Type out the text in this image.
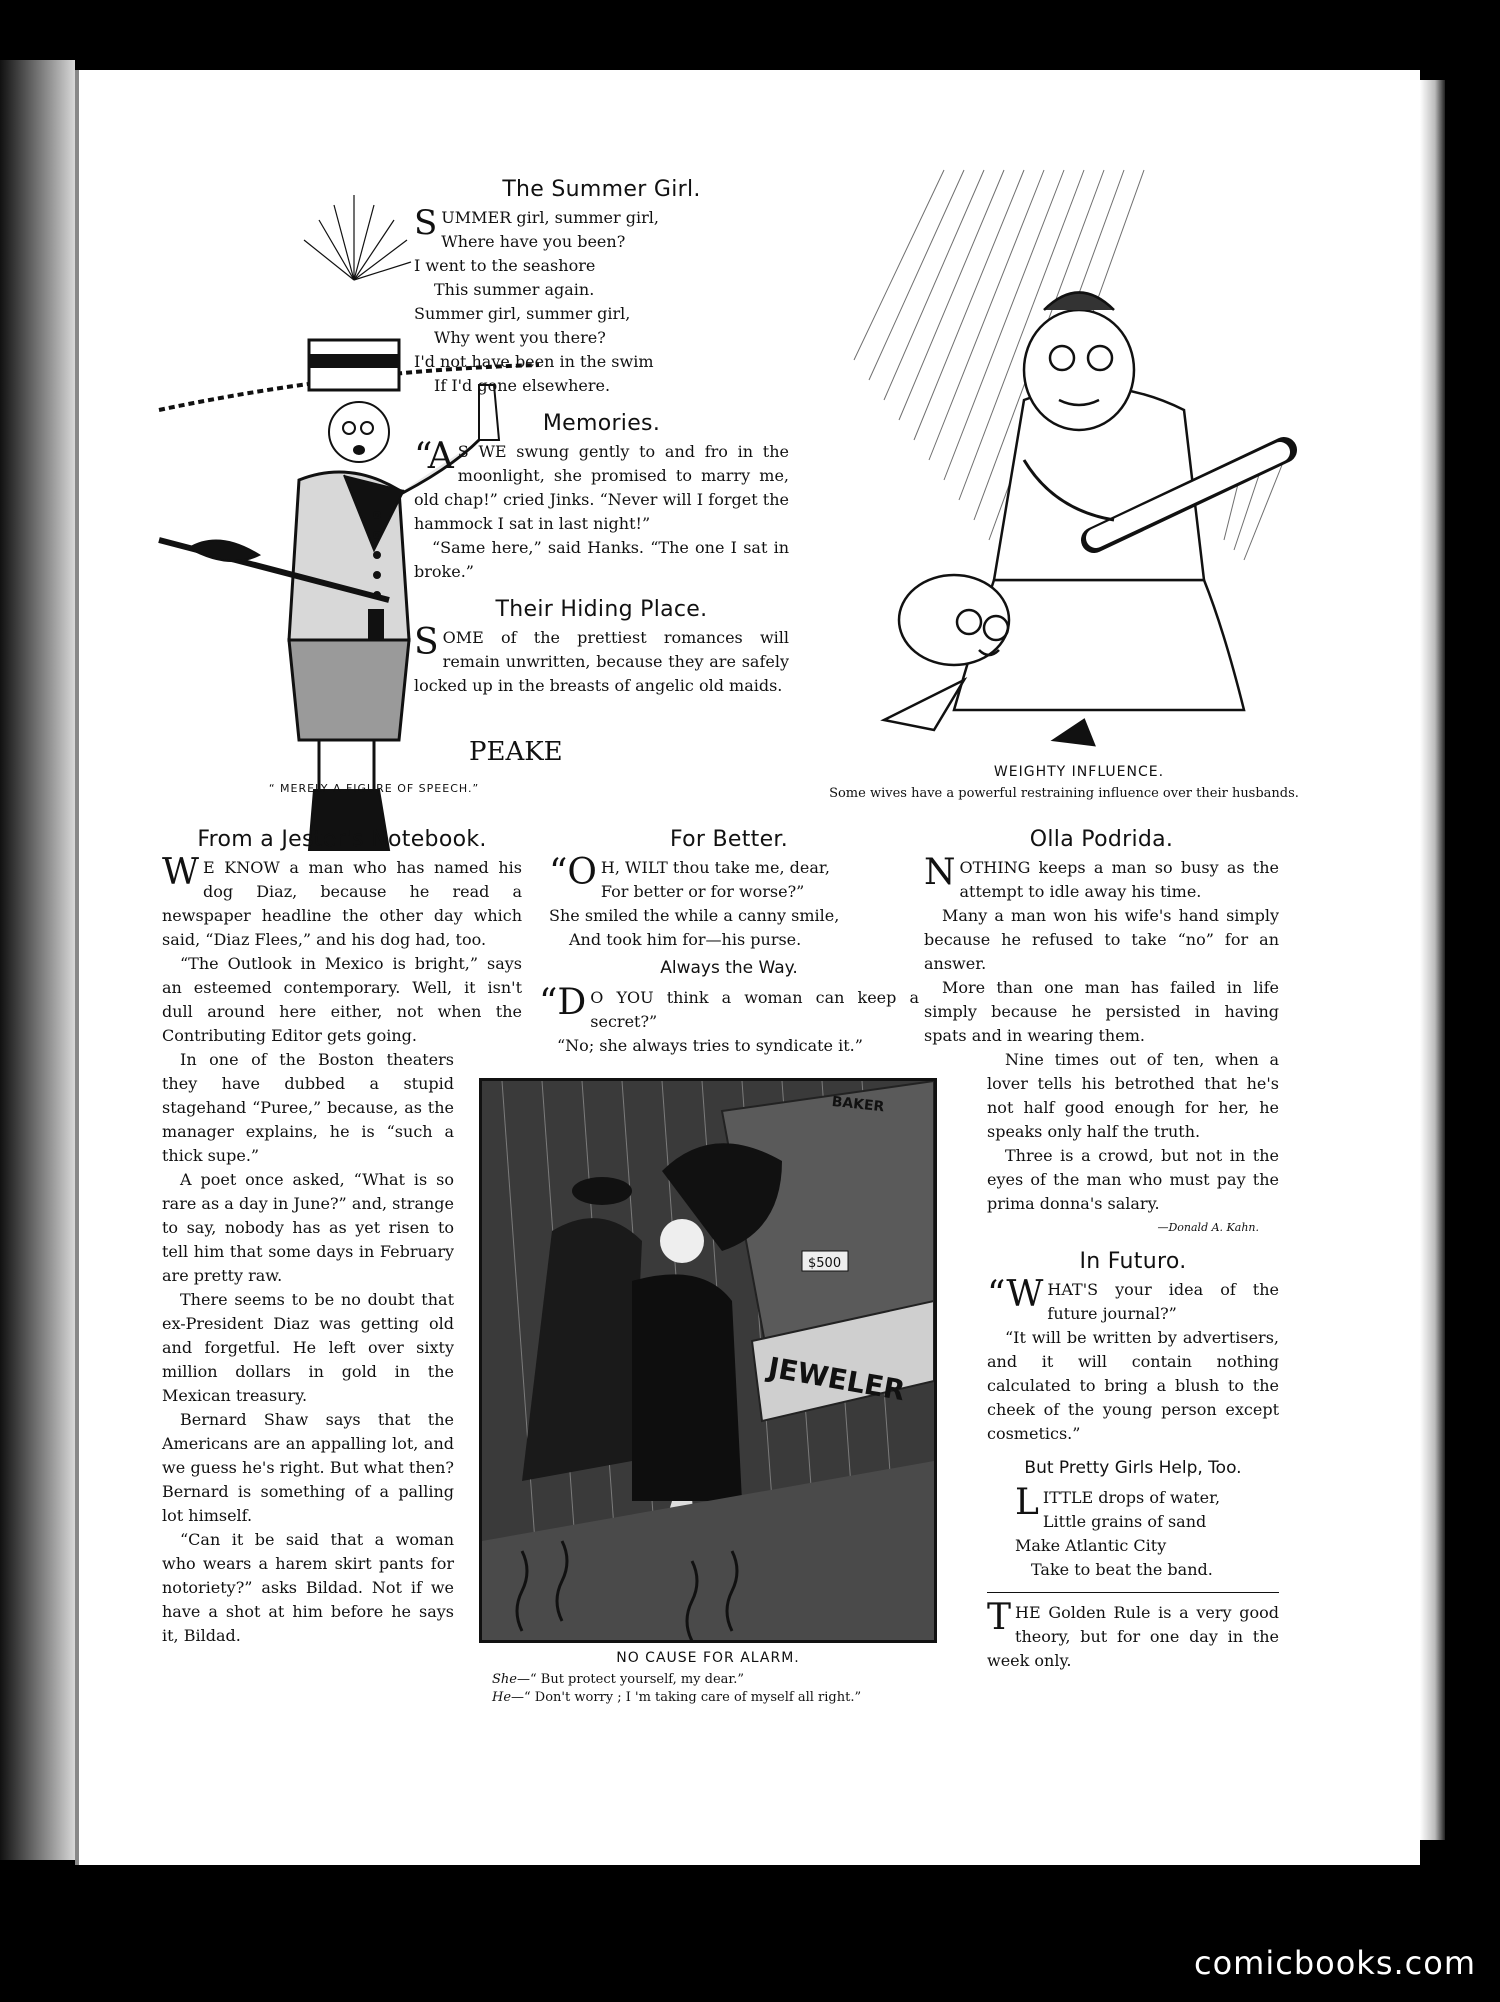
PEAKE
“ MERELY A FIGURE OF SPEECH.”
The Summer Girl.
S UMMER girl, summer girl,
Where have you been?
I went to the seashore
This summer again.
Summer girl, summer girl,
Why went you there?
I'd not have been in the swim
If I'd gone elsewhere.
Memories.

“A S WE swung gently to and fro in the moonlight, she promised to marry me, old chap!” cried Jinks. “Never will I forget the hammock I sat in last night!”

“Same here,” said Hanks. “The one I sat in broke.”

Their Hiding Place.

SOME of the prettiest romances will remain unwritten, because they are safely locked up in the breasts of angelic old maids.

WEIGHTY INFLUENCE.
Some wives have a powerful restraining influence over their husbands.
From a Jester's Notebook.

W E KNOW a man who has named his dog Diaz, because he read a newspaper headline the other day which said, “Diaz Flees,” and his dog had, too.

“The Outlook in Mexico is bright,” says an esteemed contemporary. Well, it isn't dull around here either, not when the Contributing Editor gets going.

In one of the Boston theaters they have dubbed a stupid stagehand “Puree,” because, as the manager explains, he is “such a thick supe.”

A poet once asked, “What is so rare as a day in June?” and, strange to say, nobody has as yet risen to tell him that some days in February are pretty raw.

There seems to be no doubt that ex-President Diaz was getting old and forgetful. He left over sixty million dollars in gold in the Mexican treasury.

Bernard Shaw says that the Americans are an appalling lot, and we guess he's right. But what then? Bernard is something of a palling lot himself.

“Can it be said that a woman who wears a harem skirt pants for notoriety?” asks Bildad. Not if we have a shot at him before he says it, Bildad.

For Better.
“O H, WILT thou take me, dear,
For better or for worse?”
She smiled the while a canny smile,
And took him for—his purse.
Always the Way.

“D O YOU think a woman can keep a secret?”

“No; she always tries to syndicate it.”

JEWELER
$500
BAKER
NO CAUSE FOR ALARM.
She—“ But protect yourself, my dear.”
He—“ Don't worry ; I 'm taking care of myself all right.”
Olla Podrida.

NOTHING keeps a man so busy as the attempt to idle away his time.

Many a man won his wife's hand simply because he refused to take “no” for an answer.

More than one man has failed in life simply because he persisted in having spats and in wearing them.

Nine times out of ten, when a lover tells his betrothed that he's not half good enough for her, he speaks only half the truth.

Three is a crowd, but not in the eyes of the man who must pay the prima donna's salary.

—Donald A. Kahn.
In Futuro.

“WHAT'S your idea of the future journal?”

“It will be written by advertisers, and it will contain nothing calculated to bring a blush to the cheek of the young person except cosmetics.”

But Pretty Girls Help, Too.
L ITTLE drops of water,
Little grains of sand
Make Atlantic City
Take to beat the band.

THE Golden Rule is a very good theory, but for one day in the week only.

comicbooks.com
